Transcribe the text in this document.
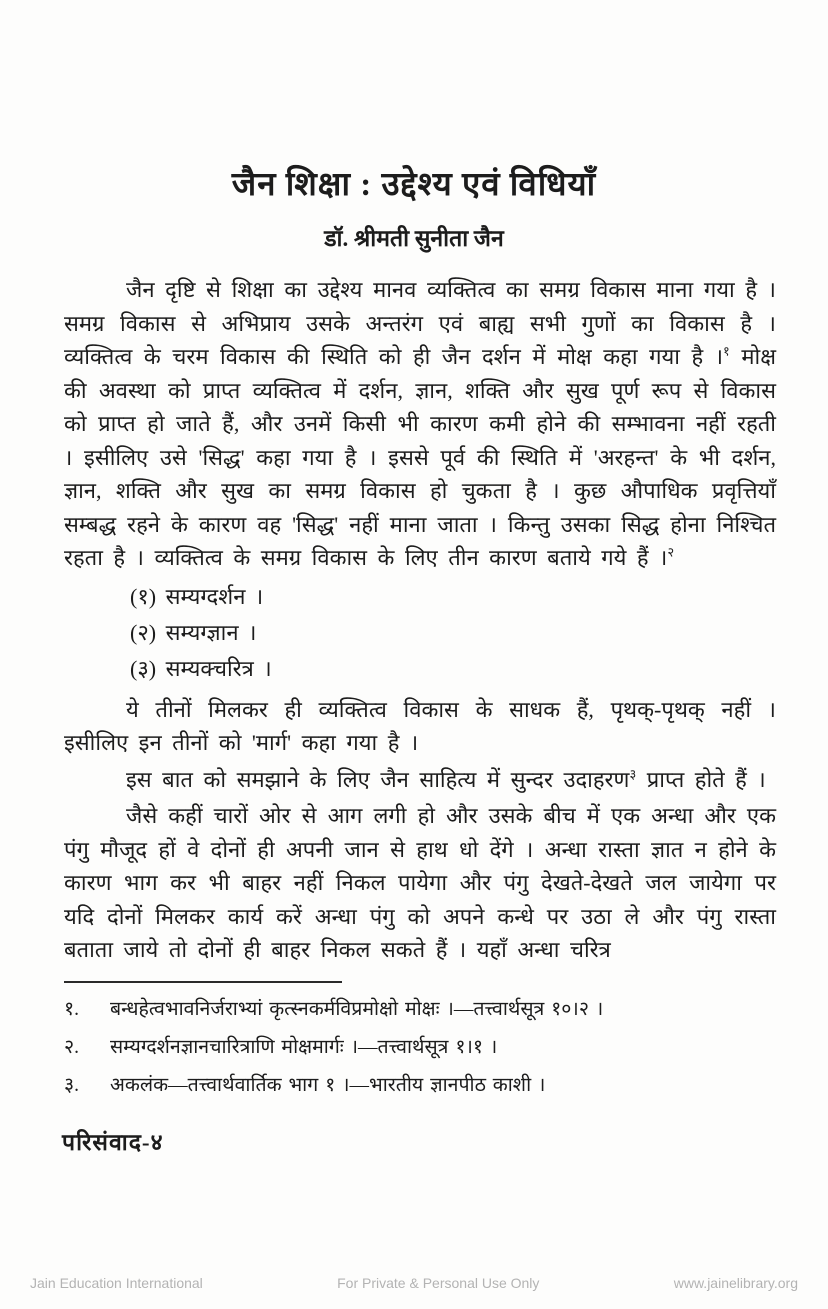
जैन शिक्षा : उद्देश्य एवं विधियाँ
डॉ. श्रीमती सुनीता जैन

जैन दृष्टि से शिक्षा का उद्देश्य मानव व्यक्तित्व का समग्र विकास माना गया है । समग्र विकास से अभिप्राय उसके अन्तरंग एवं बाह्य सभी गुणों का विकास है । व्यक्तित्व के चरम विकास की स्थिति को ही जैन दर्शन में मोक्ष कहा गया है ।$^१$ मोक्ष की अवस्था को प्राप्त व्यक्तित्व में दर्शन, ज्ञान, शक्ति और सुख पूर्ण रूप से विकास को प्राप्त हो जाते हैं, और उनमें किसी भी कारण कमी होने की सम्भावना नहीं रहती । इसीलिए उसे 'सिद्ध' कहा गया है । इससे पूर्व की स्थिति में 'अरहन्त' के भी दर्शन, ज्ञान, शक्ति और सुख का समग्र विकास हो चुकता है । कुछ औपाधिक प्रवृत्तियाँ सम्बद्ध रहने के कारण वह 'सिद्ध' नहीं माना जाता । किन्तु उसका सिद्ध होना निश्चित रहता है । व्यक्तित्व के समग्र विकास के लिए तीन कारण बताये गये हैं ।$^२$

(१) सम्यग्दर्शन ।
(२) सम्यग्ज्ञान ।
(३) सम्यक्चरित्र ।

ये तीनों मिलकर ही व्यक्तित्व विकास के साधक हैं, पृथक्-पृथक् नहीं । इसीलिए इन तीनों को 'मार्ग' कहा गया है ।

इस बात को समझाने के लिए जैन साहित्य में सुन्दर उदाहरण$^३$ प्राप्त होते हैं ।

जैसे कहीं चारों ओर से आग लगी हो और उसके बीच में एक अन्धा और एक पंगु मौजूद हों वे दोनों ही अपनी जान से हाथ धो देंगे । अन्धा रास्ता ज्ञात न होने के कारण भाग कर भी बाहर नहीं निकल पायेगा और पंगु देखते-देखते जल जायेगा पर यदि दोनों मिलकर कार्य करें अन्धा पंगु को अपने कन्धे पर उठा ले और पंगु रास्ता बताता जाये तो दोनों ही बाहर निकल सकते हैं । यहाँ अन्धा चरित्र

१.	बन्धहेत्वभावनिर्जराभ्यां कृत्स्नकर्मविप्रमोक्षो मोक्षः ।—तत्त्वार्थसूत्र १०।२ ।
२.	सम्यग्दर्शनज्ञानचारित्राणि मोक्षमार्गः ।—तत्त्वार्थसूत्र १।१ ।
३.	अकलंक—तत्त्वार्थवार्तिक भाग १ ।—भारतीय ज्ञानपीठ काशी ।
परिसंवाद-४
Jain Education International	For Private & Personal Use Only	www.jainelibrary.org
